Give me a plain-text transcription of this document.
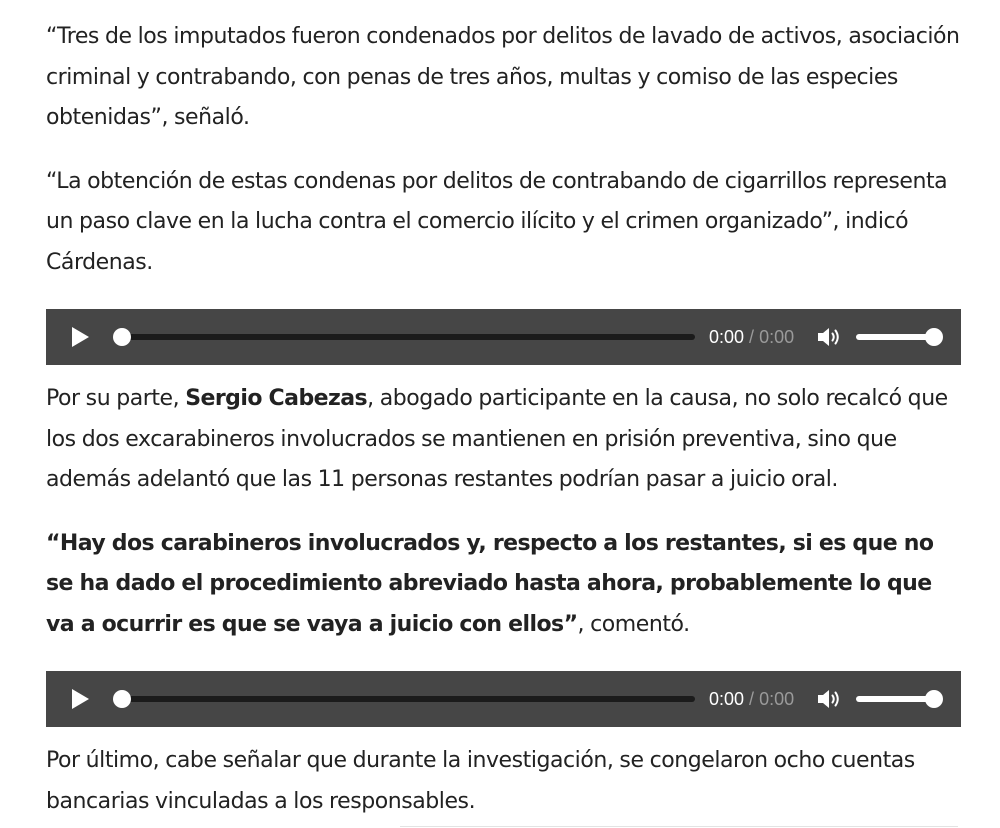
“Tres de los imputados fueron condenados por delitos de lavado de activos, asociación criminal y contrabando, con penas de tres años, multas y comiso de las especies obtenidas”, señaló.

“La obtención de estas condenas por delitos de contrabando de cigarrillos representa un paso clave en la lucha contra el comercio ilícito y el crimen organizado”, indicó Cárdenas.

0:00 / 0:00

Por su parte, Sergio Cabezas, abogado participante en la causa, no solo recalcó que los dos excarabineros involucrados se mantienen en prisión preventiva, sino que además adelantó que las 11 personas restantes podrían pasar a juicio oral.

“Hay dos carabineros involucrados y, respecto a los restantes, si es que no se ha dado el procedimiento abreviado hasta ahora, probablemente lo que va a ocurrir es que se vaya a juicio con ellos”, comentó.

0:00 / 0:00

Por último, cabe señalar que durante la investigación, se congelaron ocho cuentas bancarias vinculadas a los responsables.
